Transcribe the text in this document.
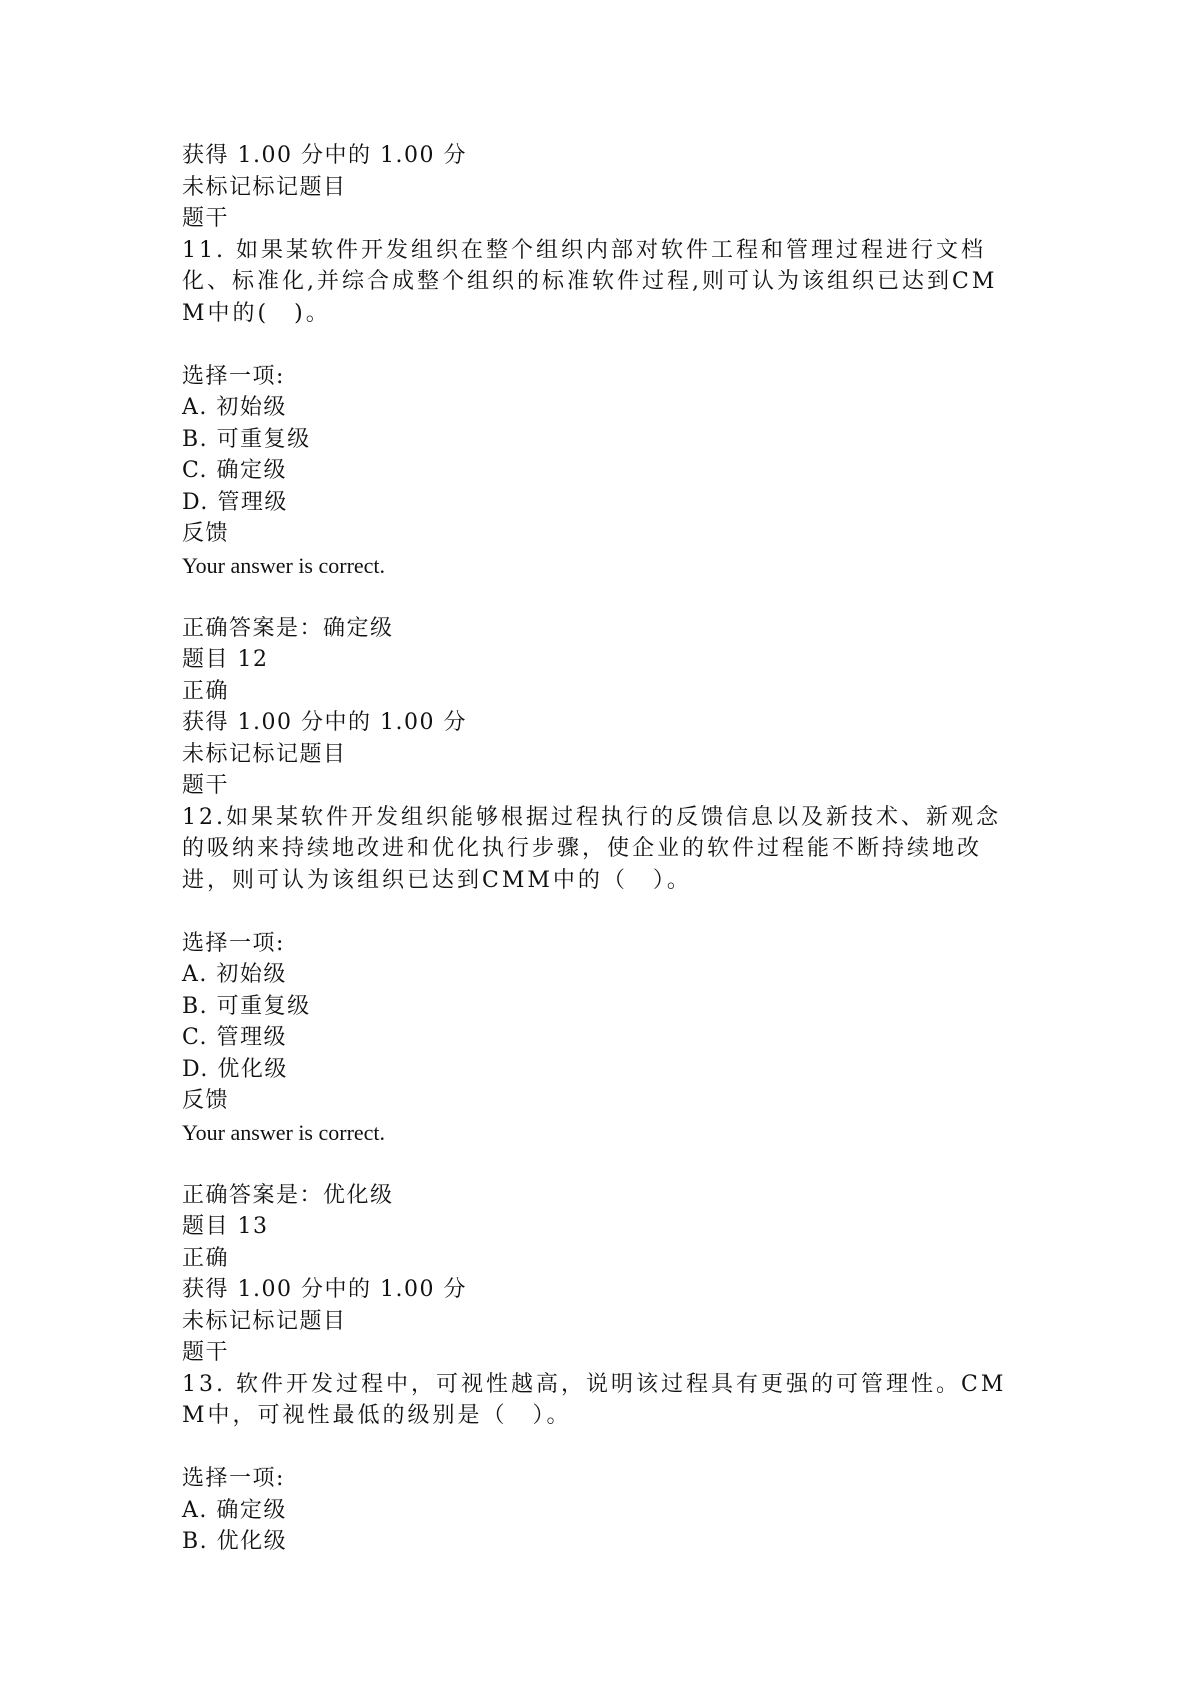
获得 1.00 分中的 1.00 分
未标记标记题目
题干
11. 如果某软件开发组织在整个组织内部对软件工程和管理过程进行文档化、标准化,并综合成整个组织的标准软件过程,则可认为该组织已达到CMM中的(　)。
选择一项:
A. 初始级
B. 可重复级
C. 确定级
D. 管理级
反馈
Your answer is correct.
正确答案是：确定级
题目 12
正确
获得 1.00 分中的 1.00 分
未标记标记题目
题干
12.如果某软件开发组织能够根据过程执行的反馈信息以及新技术、新观念的吸纳来持续地改进和优化执行步骤，使企业的软件过程能不断持续地改进，则可认为该组织已达到CMM中的（　）。
选择一项:
A. 初始级
B. 可重复级
C. 管理级
D. 优化级
反馈
Your answer is correct.
正确答案是：优化级
题目 13
正确
获得 1.00 分中的 1.00 分
未标记标记题目
题干
13. 软件开发过程中，可视性越高，说明该过程具有更强的可管理性。CMM中，可视性最低的级别是（　）。
选择一项:
A. 确定级
B. 优化级
